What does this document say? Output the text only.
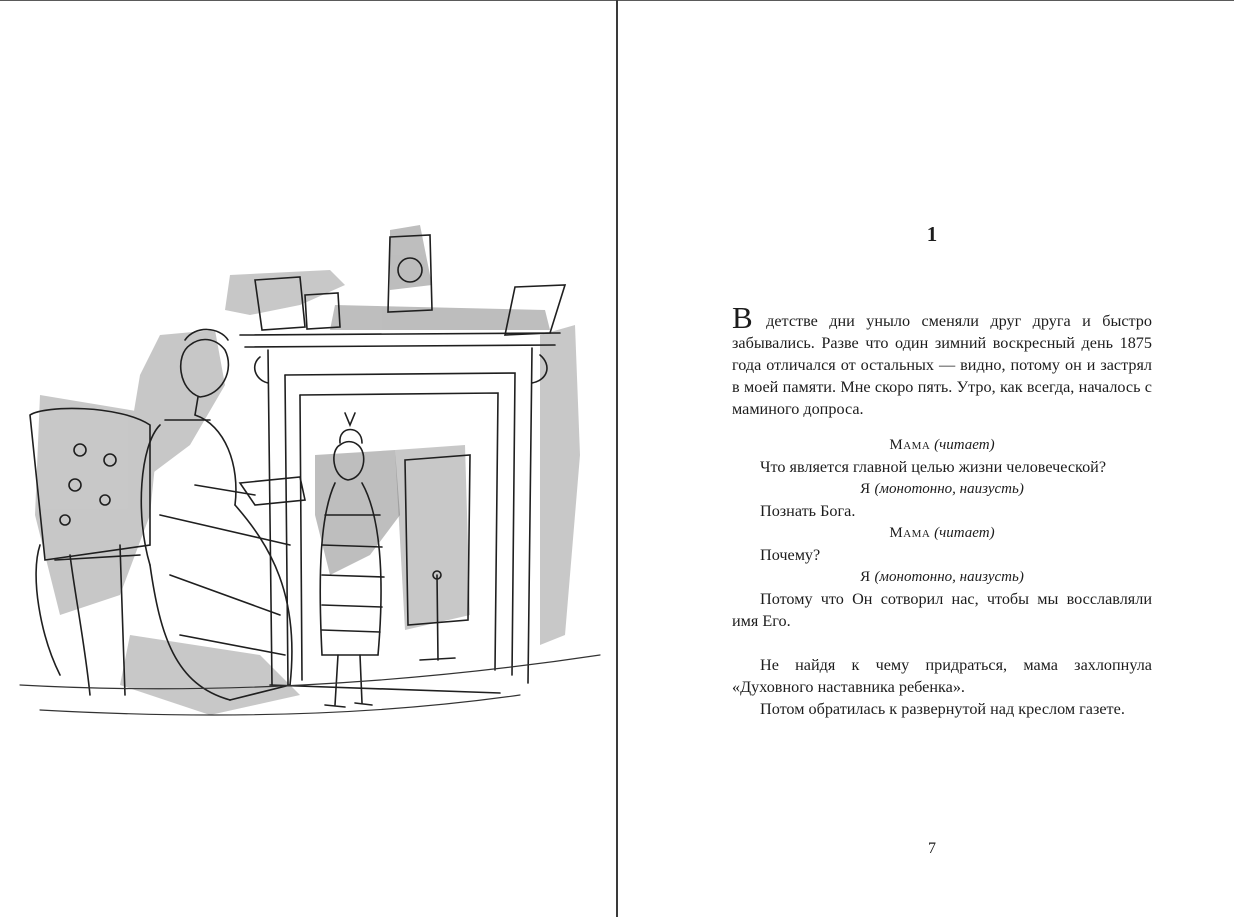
1

В детстве дни уныло сменяли друг друга и быстро забывались. Разве что один зимний воскресный день 1875 года отличался от остальных — видно, потому он и застрял в моей памяти. Мне скоро пять. Утро, как всегда, началось с маминого допроса.

Мама (читает)

Что является главной целью жизни человеческой?

Я (монотонно, наизусть)

Познать Бога.

Мама (читает)

Почему?

Я (монотонно, наизусть)

Потому что Он сотворил нас, чтобы мы восславляли имя Его.

Не найдя к чему придраться, мама захлопнула «Духовного наставника ребенка».

Потом обратилась к развернутой над креслом газете.

7
